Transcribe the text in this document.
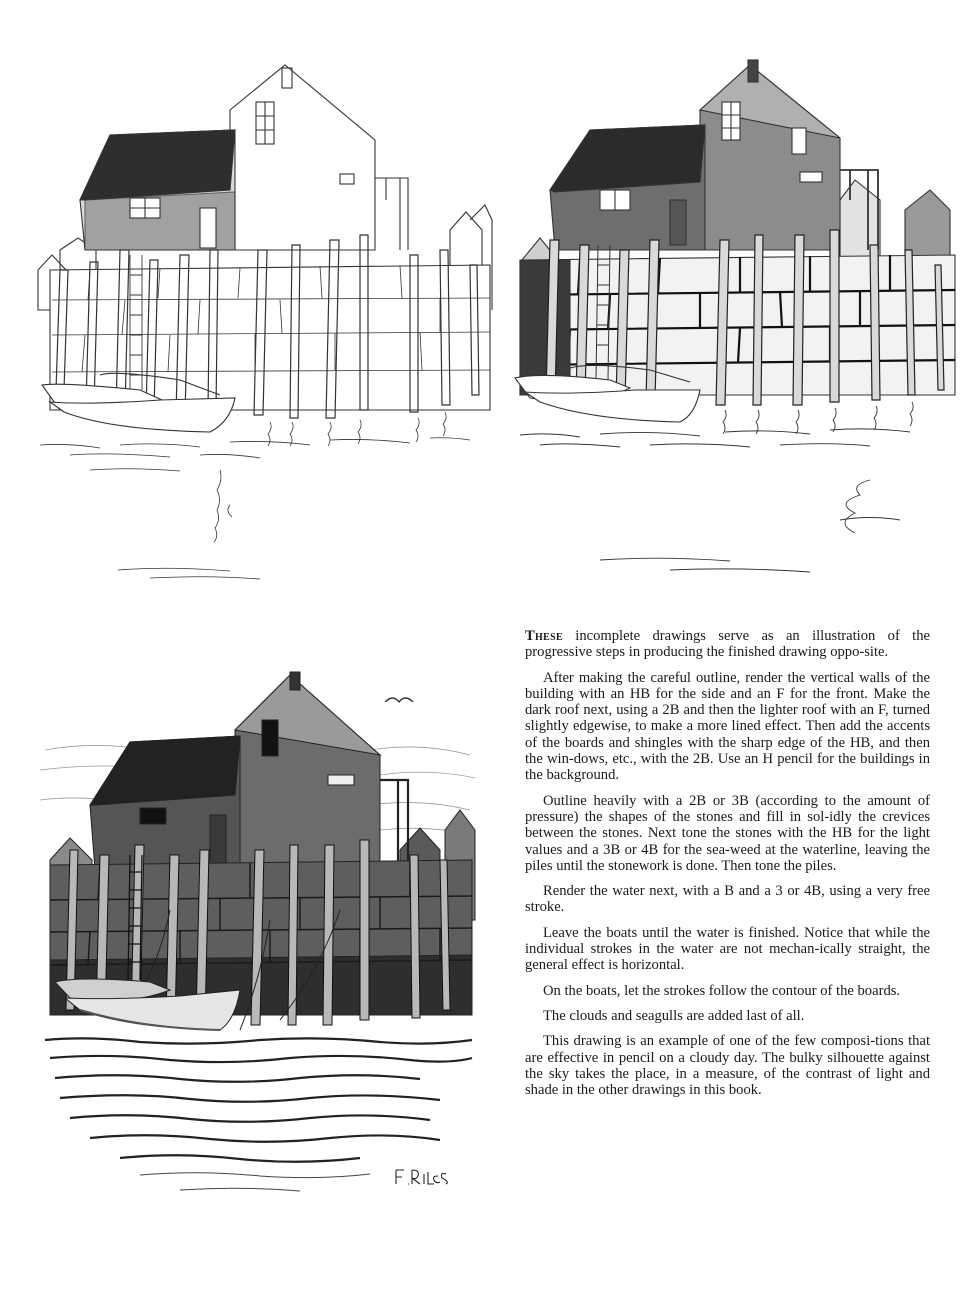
These incomplete drawings serve as an illustration of the progressive steps in producing the finished drawing oppo-site.

After making the careful outline, render the vertical walls of the building with an HB for the side and an F for the front. Make the dark roof next, using a 2B and then the lighter roof with an F, turned slightly edgewise, to make a more lined effect. Then add the accents of the boards and shingles with the sharp edge of the HB, and then the win-dows, etc., with the 2B. Use an H pencil for the buildings in the background.

Outline heavily with a 2B or 3B (according to the amount of pressure) the shapes of the stones and fill in sol-idly the crevices between the stones. Next tone the stones with the HB for the light values and a 3B or 4B for the sea-weed at the waterline, leaving the piles until the stonework is done. Then tone the piles.

Render the water next, with a B and a 3 or 4B, using a very free stroke.

Leave the boats until the water is finished. Notice that while the individual strokes in the water are not mechan-ically straight, the general effect is horizontal.

On the boats, let the strokes follow the contour of the boards.

The clouds and seagulls are added last of all.

This drawing is an example of one of the few composi-tions that are effective in pencil on a cloudy day. The bulky silhouette against the sky takes the place, in a measure, of the contrast of light and shade in the other drawings in this book.
